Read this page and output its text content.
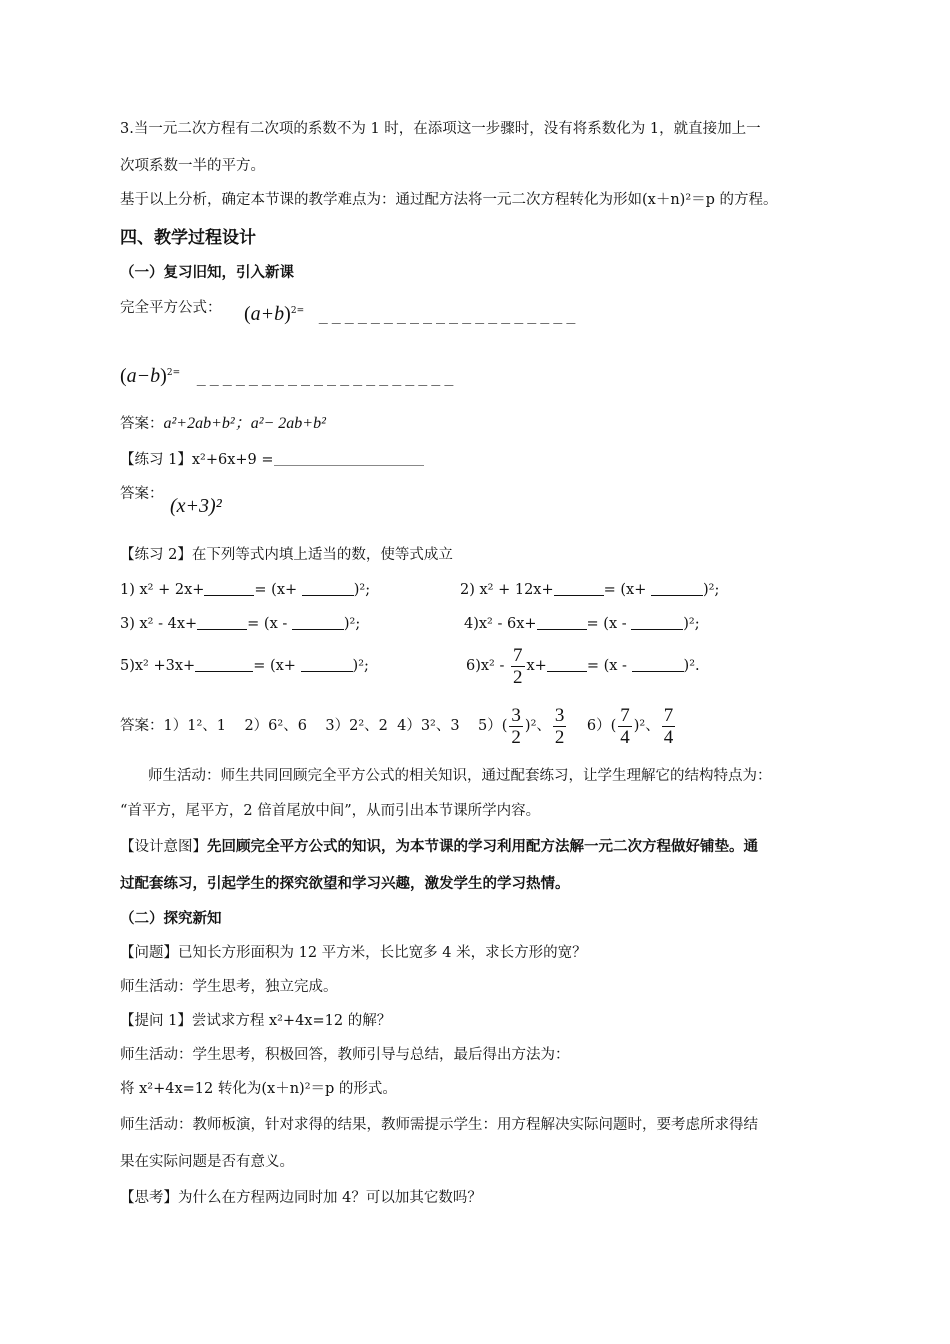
3.当一元二次方程有二次项的系数不为 1 时，在添项这一步骤时，没有将系数化为 1，就直接加上一
次项系数一半的平方。
基于以上分析，确定本节课的教学难点为：通过配方法将一元二次方程转化为形如(x＋n)²＝p 的方程。
四、教学过程设计
（一）复习旧知，引入新课
完全平方公式： $(a+b)^{2=}$ ____________________
$(a-b)^{2=}$ ____________________
答案：a²+2ab+b²；a²− 2ab+b²
【练习 1】x²+6x+9 =
答案：
(x+3)²
【练习 2】在下列等式内填上适当的数，使等式成立
1) x² + 2x+	= (x+	)²;	2) x² + 12x+	= (x+	)²;
3) x² - 4x+	= (x -	)²;	4)x² - 6x+	= (x -	)²;
5)x² +3x+	= (x+	)²;	$6)x^2 - \frac{7}{2} x+$	= (x -	)².
答案：1）1²、1 2）6²、6 3）2²、2 4）3²、3 $5)( \frac{3}{2} )^2$、 $\frac{3}{2} 6)( \frac{7}{4} )^2$、 $\frac{7}{4}$
师生活动：师生共同回顾完全平方公式的相关知识，通过配套练习，让学生理解它的结构特点为：
“首平方，尾平方，2 倍首尾放中间”，从而引出本节课所学内容。
【设计意图】先回顾完全平方公式的知识，为本节课的学习利用配方法解一元二次方程做好铺垫。通
过配套练习，引起学生的探究欲望和学习兴趣，激发学生的学习热情。
（二）探究新知
【问题】已知长方形面积为 12 平方米，长比宽多 4 米，求长方形的宽？
师生活动：学生思考，独立完成。
【提问 1】尝试求方程 x²+4x=12 的解？
师生活动：学生思考，积极回答，教师引导与总结，最后得出方法为：
将 x²+4x=12 转化为(x＋n)²＝p 的形式。
师生活动：教师板演，针对求得的结果，教师需提示学生：用方程解决实际问题时，要考虑所求得结
果在实际问题是否有意义。
【思考】为什么在方程两边同时加 4？可以加其它数吗？
